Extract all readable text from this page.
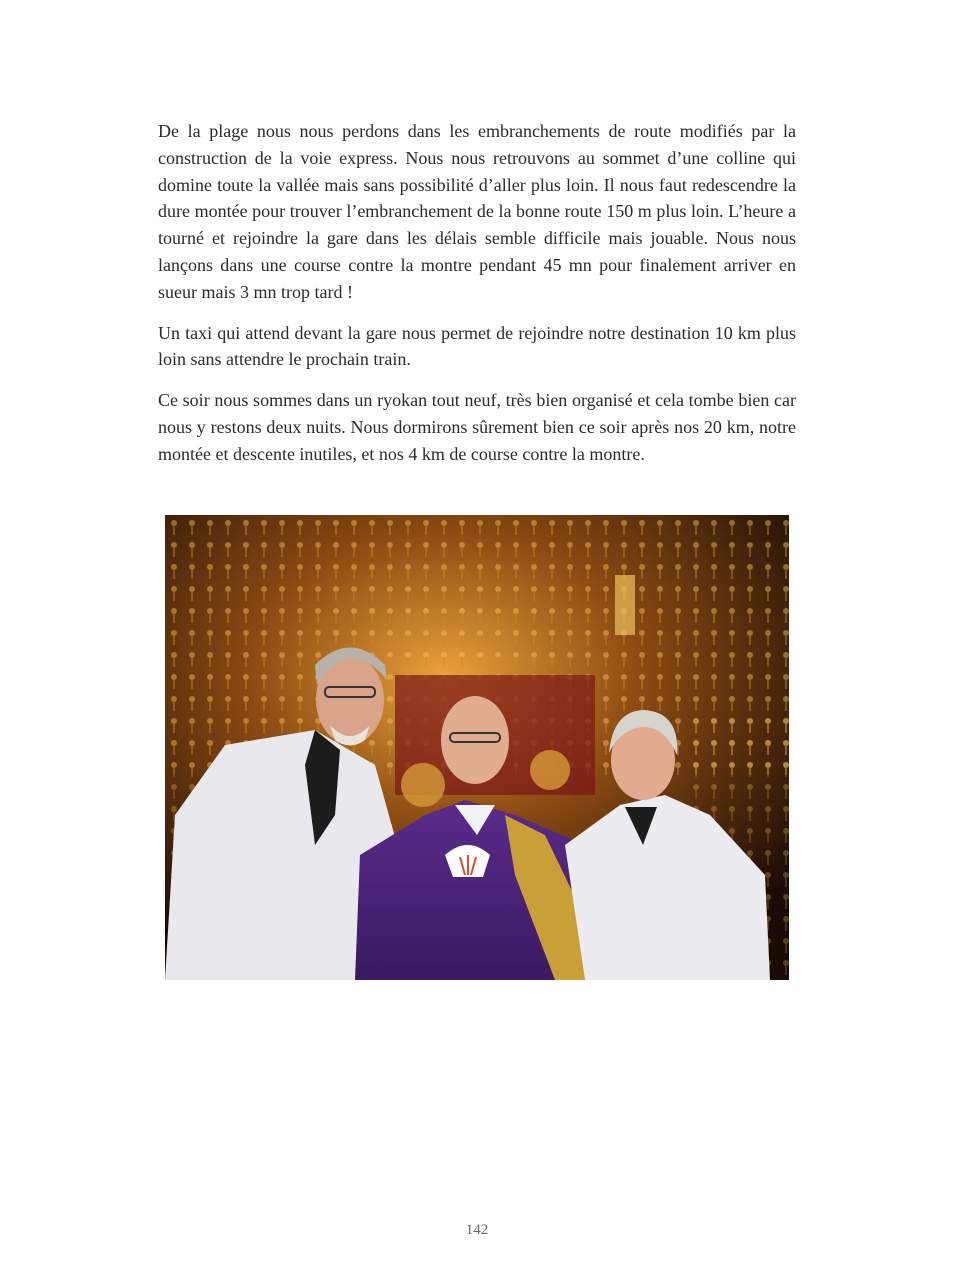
De la plage nous nous perdons dans les embranchements de route modifiés par la construction de la voie express. Nous nous retrouvons au sommet d’une colline qui domine toute la vallée mais sans possibilité d’aller plus loin. Il nous faut redescendre la dure montée pour trouver l’embranchement de la bonne route 150 m plus loin. L’heure a tourné et rejoindre la gare dans les délais semble difficile mais jouable. Nous nous lançons dans une course contre la montre pendant 45 mn pour finalement arriver en sueur mais 3 mn trop tard !

Un taxi qui attend devant la gare nous permet de rejoindre notre destination 10 km plus loin sans attendre le prochain train.

Ce soir nous sommes dans un ryokan tout neuf, très bien organisé et cela tombe bien car nous y restons deux nuits. Nous dormirons sûrement bien ce soir après nos 20 km, notre montée et descente inutiles, et nos 4 km de course contre la montre.

142
